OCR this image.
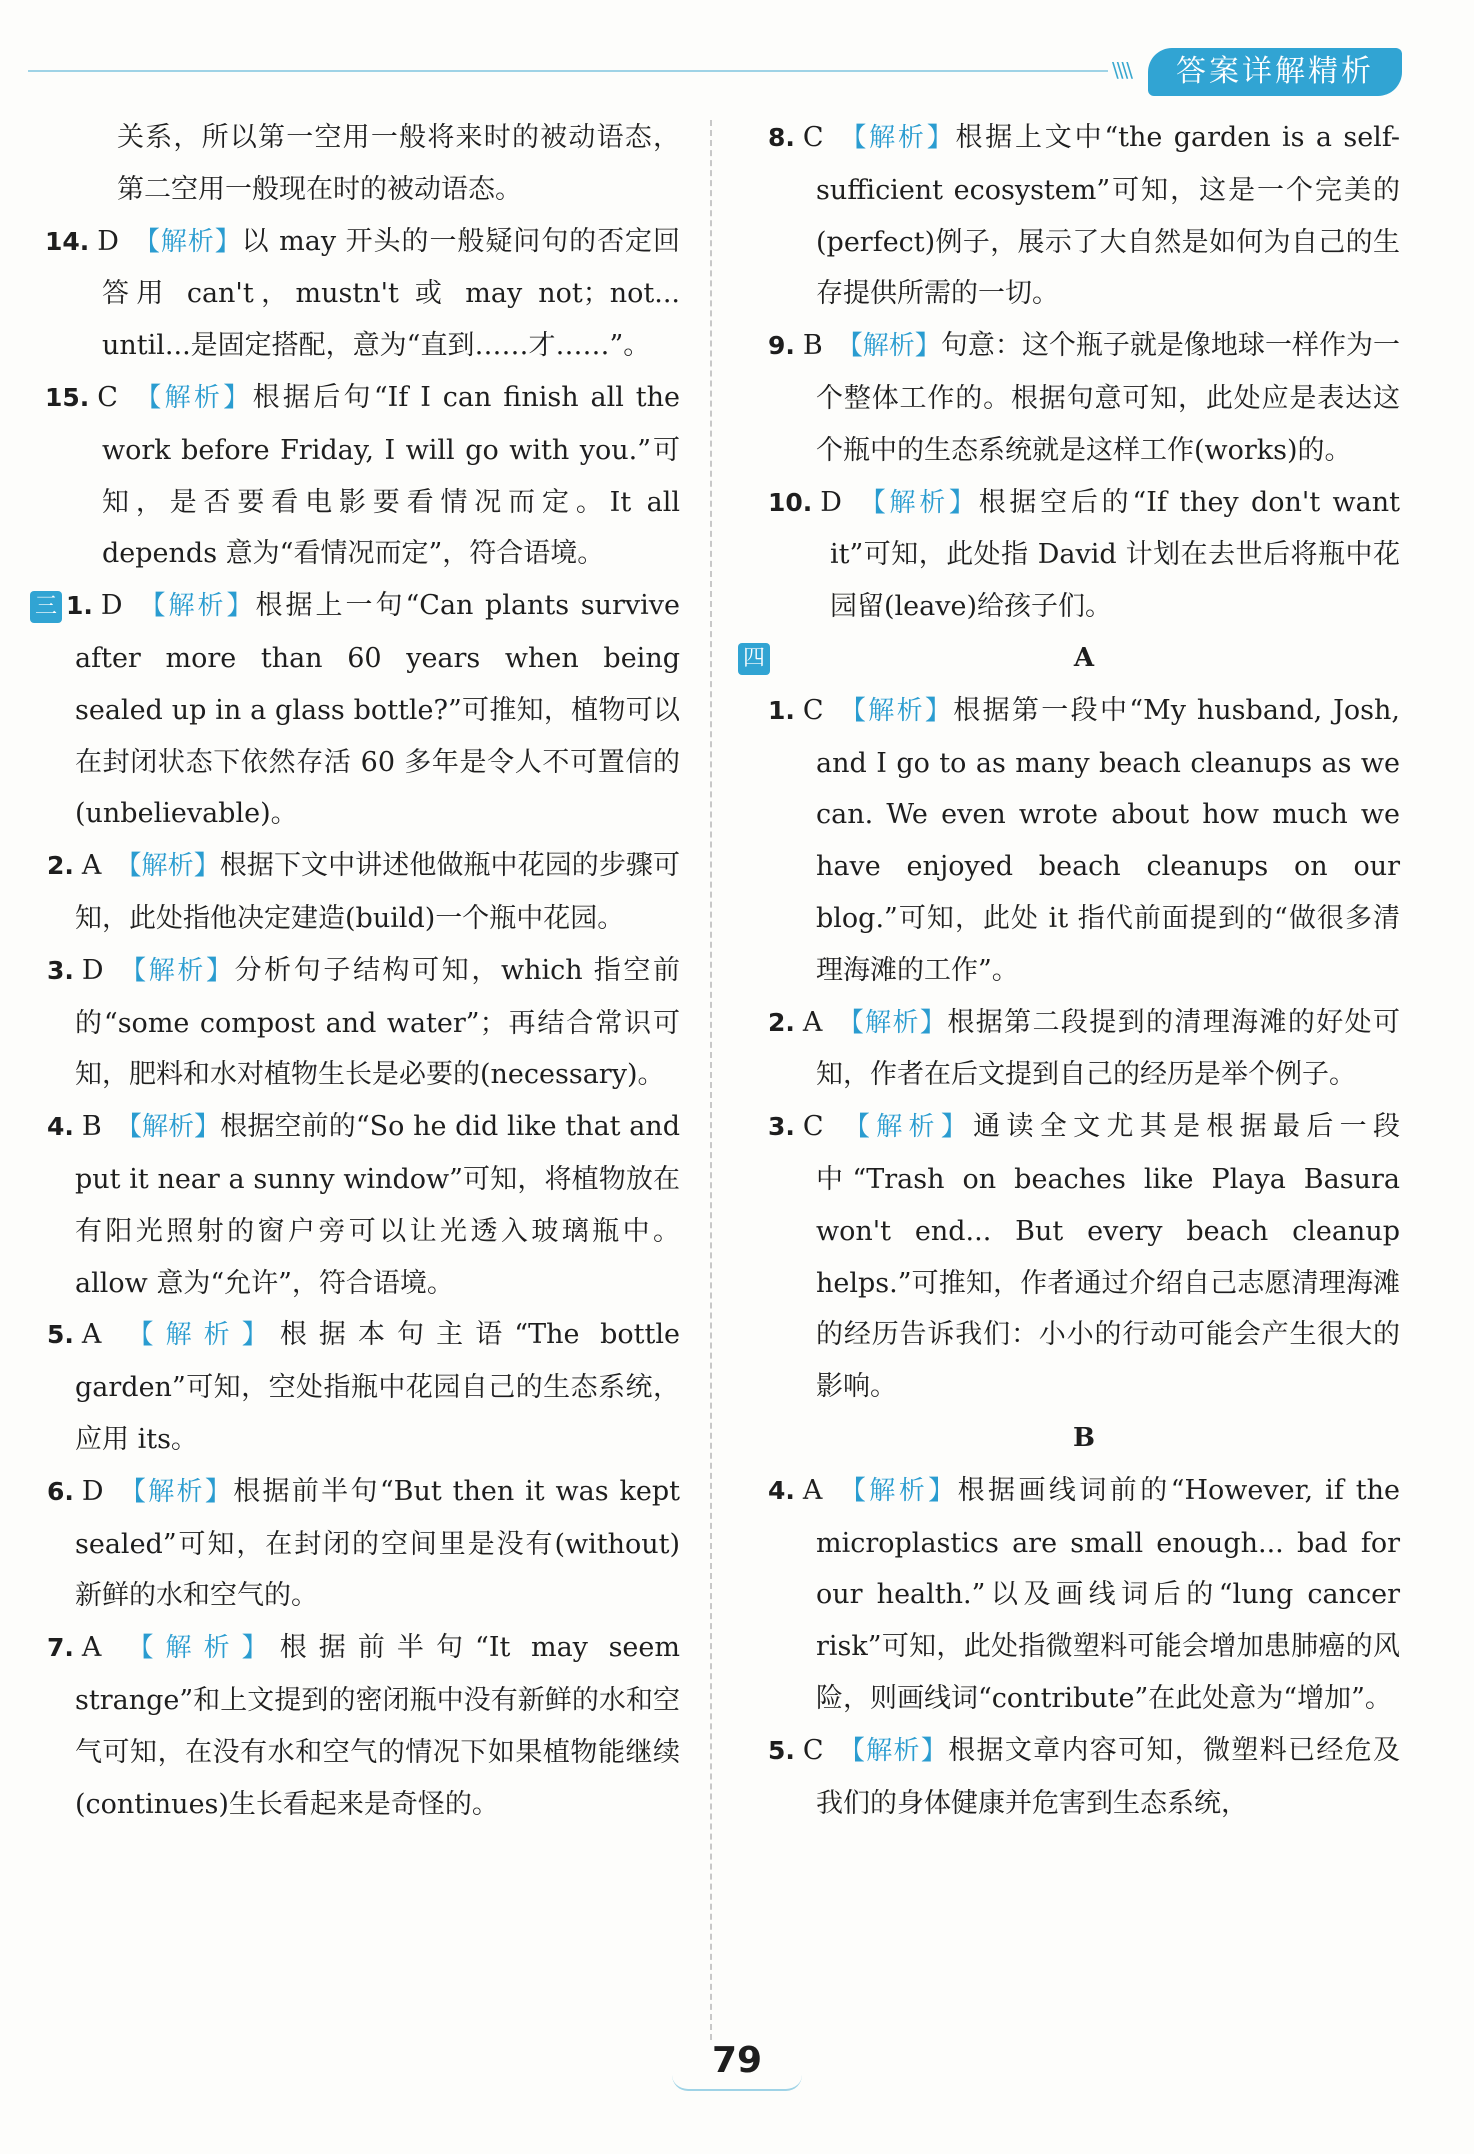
\\\\	答案详解精析
关系，所以第一空用一般将来时的被动语态，第二空用一般现在时的被动语态。
14. D 【解析】以 may 开头的一般疑问句的否定回答用 can't，mustn't 或 may not；not... until...是固定搭配，意为“直到……才……”。
15. C 【解析】根据后句“If I can finish all the work before Friday, I will go with you.”可知，是否要看电影要看情况而定。It all depends 意为“看情况而定”，符合语境。
三 1. D 【解析】根据上一句“Can plants survive after more than 60 years when being sealed up in a glass bottle?”可推知，植物可以在封闭状态下依然存活 60 多年是令人不可置信的(unbelievable)。
2. A 【解析】根据下文中讲述他做瓶中花园的步骤可知，此处指他决定建造(build)一个瓶中花园。
3. D 【解析】分析句子结构可知，which 指空前的“some compost and water”；再结合常识可知，肥料和水对植物生长是必要的(necessary)。
4. B 【解析】根据空前的“So he did like that and put it near a sunny window”可知，将植物放在有阳光照射的窗户旁可以让光透入玻璃瓶中。allow 意为“允许”，符合语境。
5. A 【解析】根据本句主语“The bottle garden”可知，空处指瓶中花园自己的生态系统，应用 its。
6. D 【解析】根据前半句“But then it was kept sealed”可知，在封闭的空间里是没有(without)新鲜的水和空气的。
7. A 【解析】根据前半句“It may seem strange”和上文提到的密闭瓶中没有新鲜的水和空气可知，在没有水和空气的情况下如果植物能继续(continues)生长看起来是奇怪的。
8. C 【解析】根据上文中“the garden is a self-sufficient ecosystem”可知，这是一个完美的(perfect)例子，展示了大自然是如何为自己的生存提供所需的一切。
9. B 【解析】句意：这个瓶子就是像地球一样作为一个整体工作的。根据句意可知，此处应是表达这个瓶中的生态系统就是这样工作(works)的。
10. D 【解析】根据空后的“If they don't want it”可知，此处指 David 计划在去世后将瓶中花园留(leave)给孩子们。
四	A
1. C 【解析】根据第一段中“My husband, Josh, and I go to as many beach cleanups as we can. We even wrote about how much we have enjoyed beach cleanups on our blog.”可知，此处 it 指代前面提到的“做很多清理海滩的工作”。
2. A 【解析】根据第二段提到的清理海滩的好处可知，作者在后文提到自己的经历是举个例子。
3. C 【解析】通读全文尤其是根据最后一段中“Trash on beaches like Playa Basura won't end... But every beach cleanup helps.”可推知，作者通过介绍自己志愿清理海滩的经历告诉我们：小小的行动可能会产生很大的影响。
B
4. A 【解析】根据画线词前的“However, if the microplastics are small enough... bad for our health.”以及画线词后的“lung cancer risk”可知，此处指微塑料可能会增加患肺癌的风险，则画线词“contribute”在此处意为“增加”。
5. C 【解析】根据文章内容可知，微塑料已经危及我们的身体健康并危害到生态系统，
79
